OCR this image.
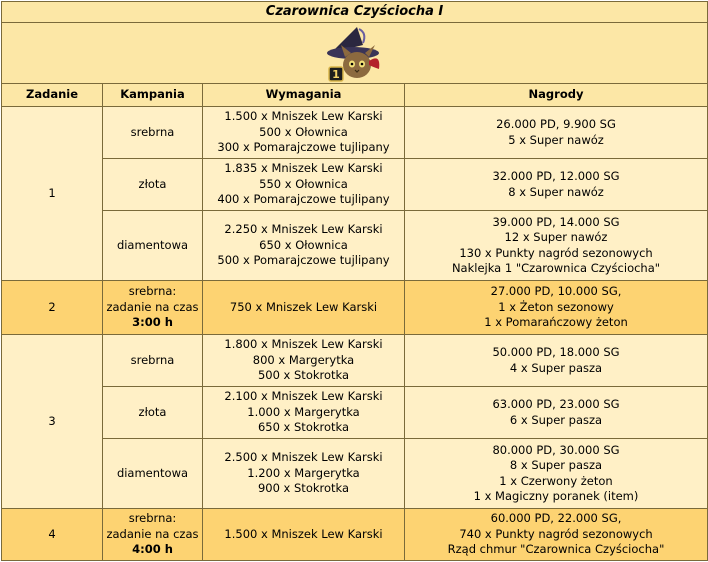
Czarownica Czyściocha I			

1			

Zadanie	Kampania	Wymagania	Nagrody
1	srebrna	1.500 x Mniszek Lew Karski
500 x Ołownica
300 x Pomarajczowe tujlipany	26.000 PD, 9.900 SG
5 x Super nawóz

	złota	1.835 x Mniszek Lew Karski
550 x Ołownica
400 x Pomarajczowe tujlipany	32.000 PD, 12.000 SG
8 x Super nawóz

	diamentowa	2.250 x Mniszek Lew Karski
650 x Ołownica
500 x Pomarajczowe tujlipany	39.000 PD, 14.000 SG
12 x Super nawóz
130 x Punkty nagród sezonowych
Naklejka 1 "Czarownica Czyściocha"

2	srebrna:
zadanie na czas
3:00 h	750 x Mniszek Lew Karski	27.000 PD, 10.000 SG,
1 x Żeton sezonowy
1 x Pomarańczowy żeton

3	srebrna	1.800 x Mniszek Lew Karski
800 x Margerytka
500 x Stokrotka	50.000 PD, 18.000 SG
4 x Super pasza

	złota	2.100 x Mniszek Lew Karski
1.000 x Margerytka
650 x Stokrotka	63.000 PD, 23.000 SG
6 x Super pasza

	diamentowa	2.500 x Mniszek Lew Karski
1.200 x Margerytka
900 x Stokrotka	80.000 PD, 30.000 SG
8 x Super pasza
1 x Czerwony żeton
1 x Magiczny poranek (item)

4	srebrna:
zadanie na czas
4:00 h	1.500 x Mniszek Lew Karski	60.000 PD, 22.000 SG,
740 x Punkty nagród sezonowych
Rząd chmur "Czarownica Czyściocha"
